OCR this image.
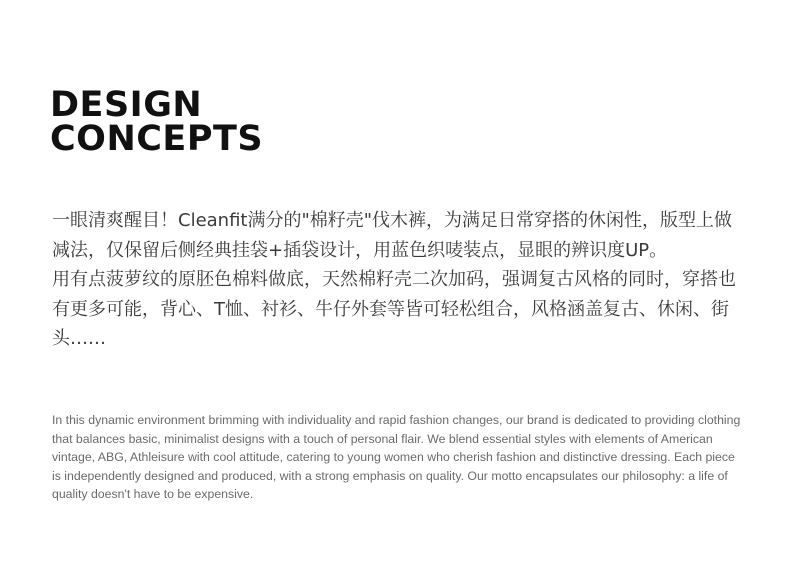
DESIGN
CONCEPTS

一眼清爽醒目！Cleanfit满分的"棉籽壳"伐木裤，为满足日常穿搭的休闲性，版型上做减法，仅保留后侧经典挂袋+插袋设计，用蓝色织唛装点，显眼的辨识度UP。

用有点菠萝纹的原胚色棉料做底，天然棉籽壳二次加码，强调复古风格的同时，穿搭也有更多可能，背心、T恤、衬衫、牛仔外套等皆可轻松组合，风格涵盖复古、休闲、街头……

In this dynamic environment brimming with individuality and rapid fashion changes, our brand is dedicated to providing clothing that balances basic, minimalist designs with a touch of personal flair. We blend essential styles with elements of American vintage, ABG, Athleisure with cool attitude, catering to young women who cherish fashion and distinctive dressing. Each piece is independently designed and produced, with a strong emphasis on quality. Our motto encapsulates our philosophy: a life of quality doesn't have to be expensive.
